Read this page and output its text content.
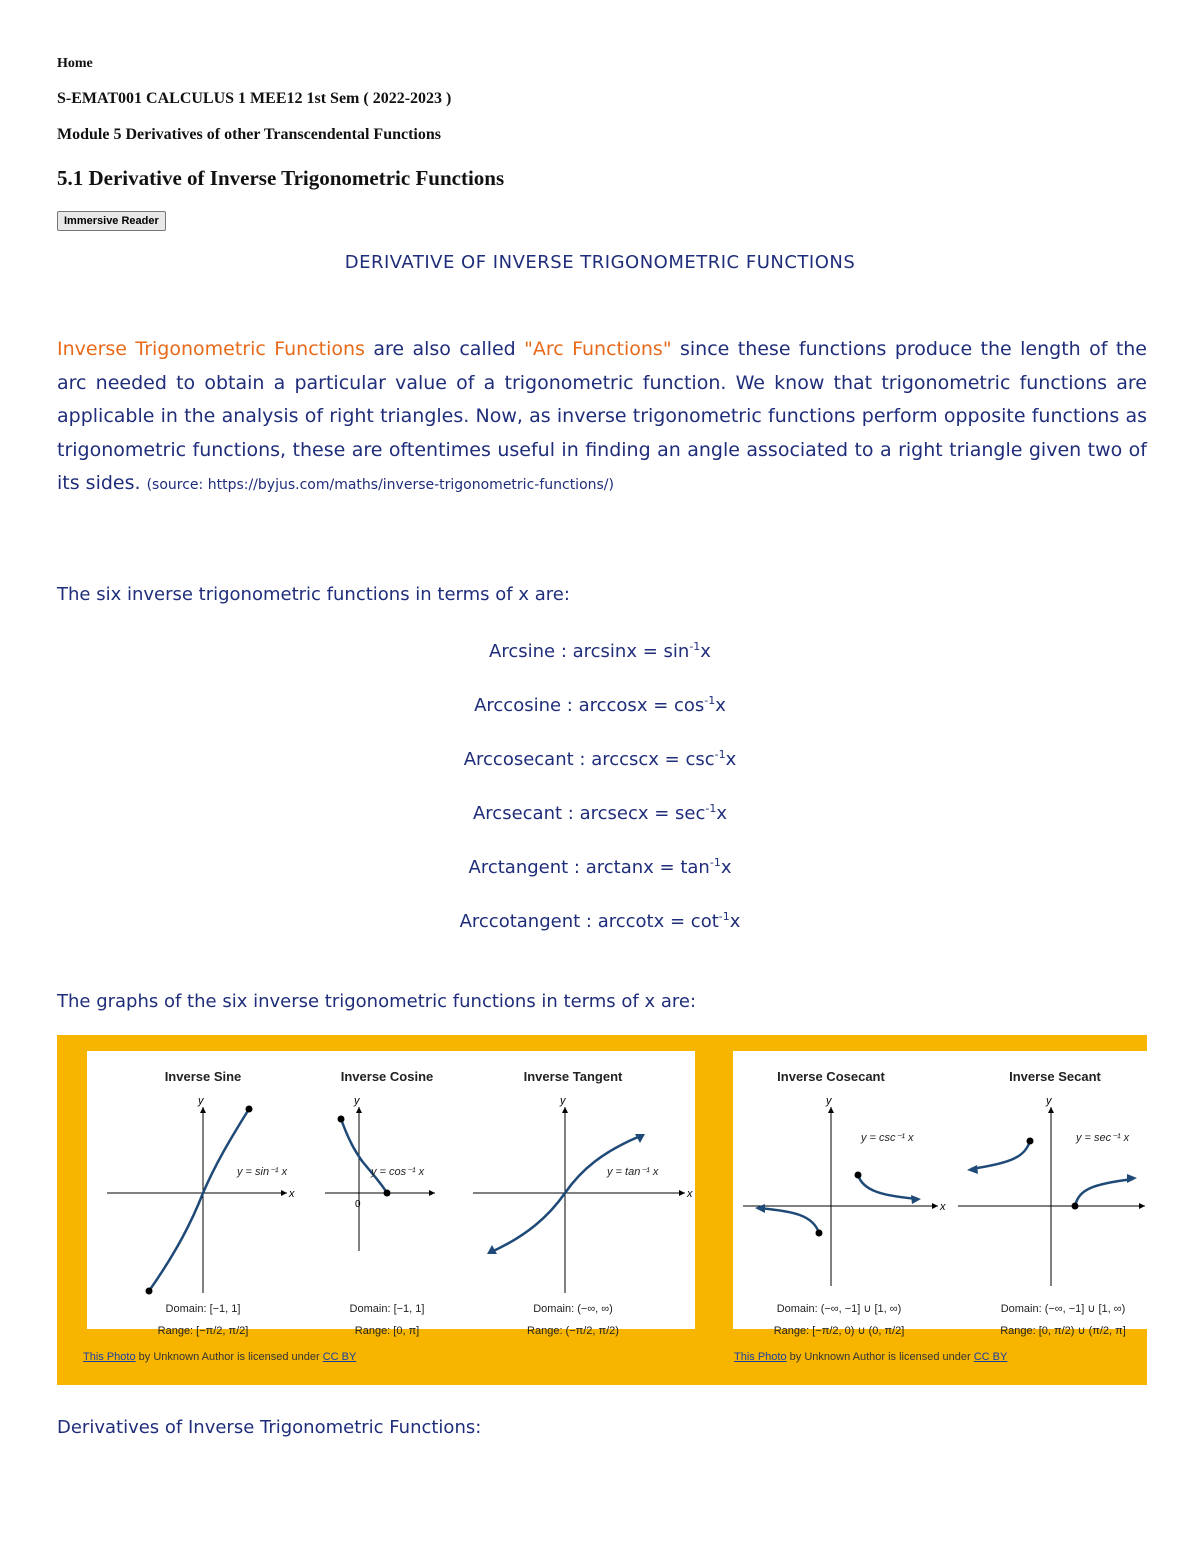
Home
S-EMAT001 CALCULUS 1 MEE12 1st Sem ( 2022-2023 )
Module 5 Derivatives of other Transcendental Functions
5.1 Derivative of Inverse Trigonometric Functions
Immersive Reader
DERIVATIVE OF INVERSE TRIGONOMETRIC FUNCTIONS

Inverse Trigonometric Functions are also called "Arc Functions" since these functions produce the length of the arc needed to obtain a particular value of a trigonometric function. We know that trigonometric functions are applicable in the analysis of right triangles. Now, as inverse trigonometric functions perform opposite functions as trigonometric functions, these are oftentimes useful in finding an angle associated to a right triangle given two of its sides. (source: https://byjus.com/maths/inverse-trigonometric-functions/)

The six inverse trigonometric functions in terms of x are:

Arcsine : $\arcsin x = \sin^{-1}x$
Arccosine : $\arccos x = \cos^{-1}x$
Arccosecant : $arccscx = \csc^{-1}x$
Arcsecant : $arcsecx = \sec^{-1}x$
Arctangent : $\arctan x = \tan^{-1}x$
Arccotangent : $arccotx = \cot^{-1}x$

The graphs of the six inverse trigonometric functions in terms of x are:

Inverse Sine	Inverse Cosine	Inverse Tangent
x
y
0
y
x
y
y = sin⁻¹ x
Domain: [−1, 1]
Range: [−π/2, π/2]
y = cos⁻¹ x
Domain: [−1, 1]
Range: [0, π]
y = tan⁻¹ x
Domain: (−∞, ∞)
Range: (−π/2, π/2)
Inverse Cosecant	Inverse Secant
x
y	y
y = csc⁻¹ x
Domain: (−∞, −1] ∪ [1, ∞)
Range: [−π/2, 0) ∪ (0, π/2]
y = sec⁻¹ x
Domain: (−∞, −1] ∪ [1, ∞)
Range: [0, π/2) ∪ (π/2, π]
This Photo by Unknown Author is licensed under CC BY	This Photo by Unknown Author is licensed under CC BY

Derivatives of Inverse Trigonometric Functions:
